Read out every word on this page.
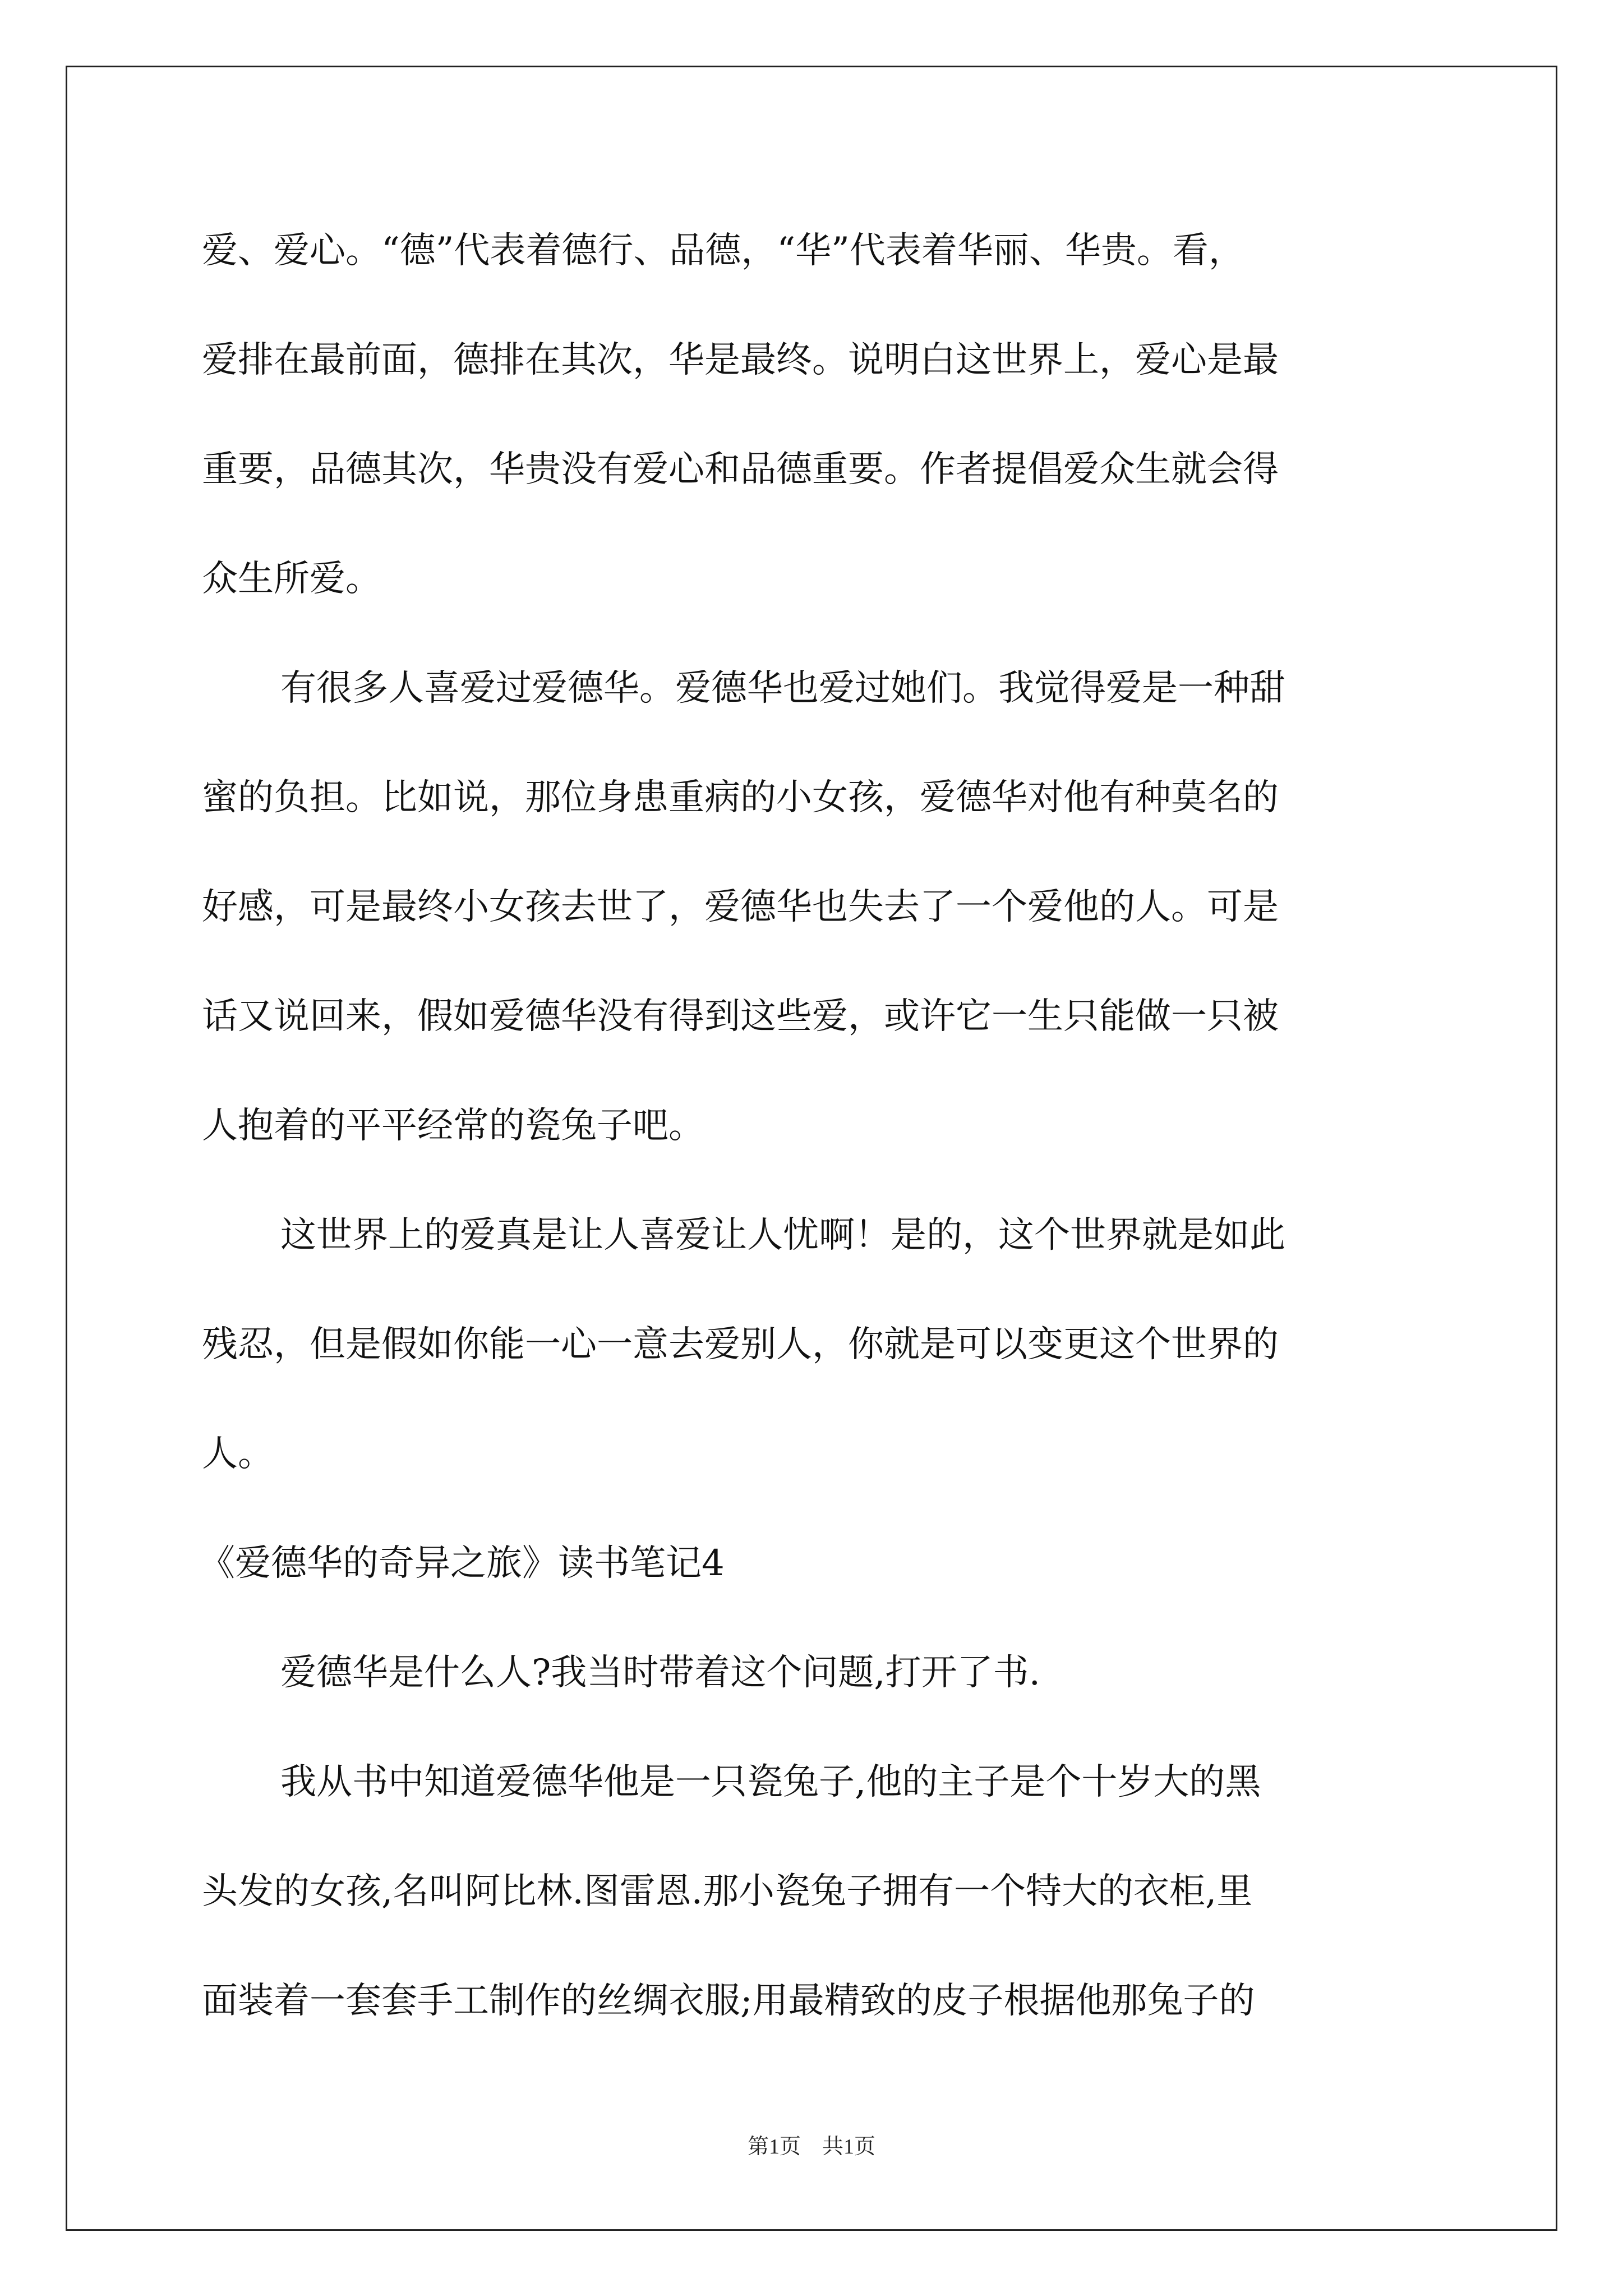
爱、爱心。“德”代表着德行、品德，“华”代表着华丽、华贵。看，
爱排在最前面，德排在其次，华是最终。说明白这世界上，爱心是最
重要，品德其次，华贵没有爱心和品德重要。作者提倡爱众生就会得
众生所爱。
有很多人喜爱过爱德华。爱德华也爱过她们。我觉得爱是一种甜
蜜的负担。比如说，那位身患重病的小女孩，爱德华对他有种莫名的
好感，可是最终小女孩去世了，爱德华也失去了一个爱他的人。可是
话又说回来，假如爱德华没有得到这些爱，或许它一生只能做一只被
人抱着的平平经常的瓷兔子吧。
这世界上的爱真是让人喜爱让人忧啊！是的，这个世界就是如此
残忍，但是假如你能一心一意去爱别人，你就是可以变更这个世界的
人。
《爱德华的奇异之旅》读书笔记4
爱德华是什么人?我当时带着这个问题,打开了书.
我从书中知道爱德华他是一只瓷兔子,他的主子是个十岁大的黑
头发的女孩,名叫阿比林.图雷恩.那小瓷兔子拥有一个特大的衣柜,里
面装着一套套手工制作的丝绸衣服;用最精致的皮子根据他那兔子的
第1页　共1页
